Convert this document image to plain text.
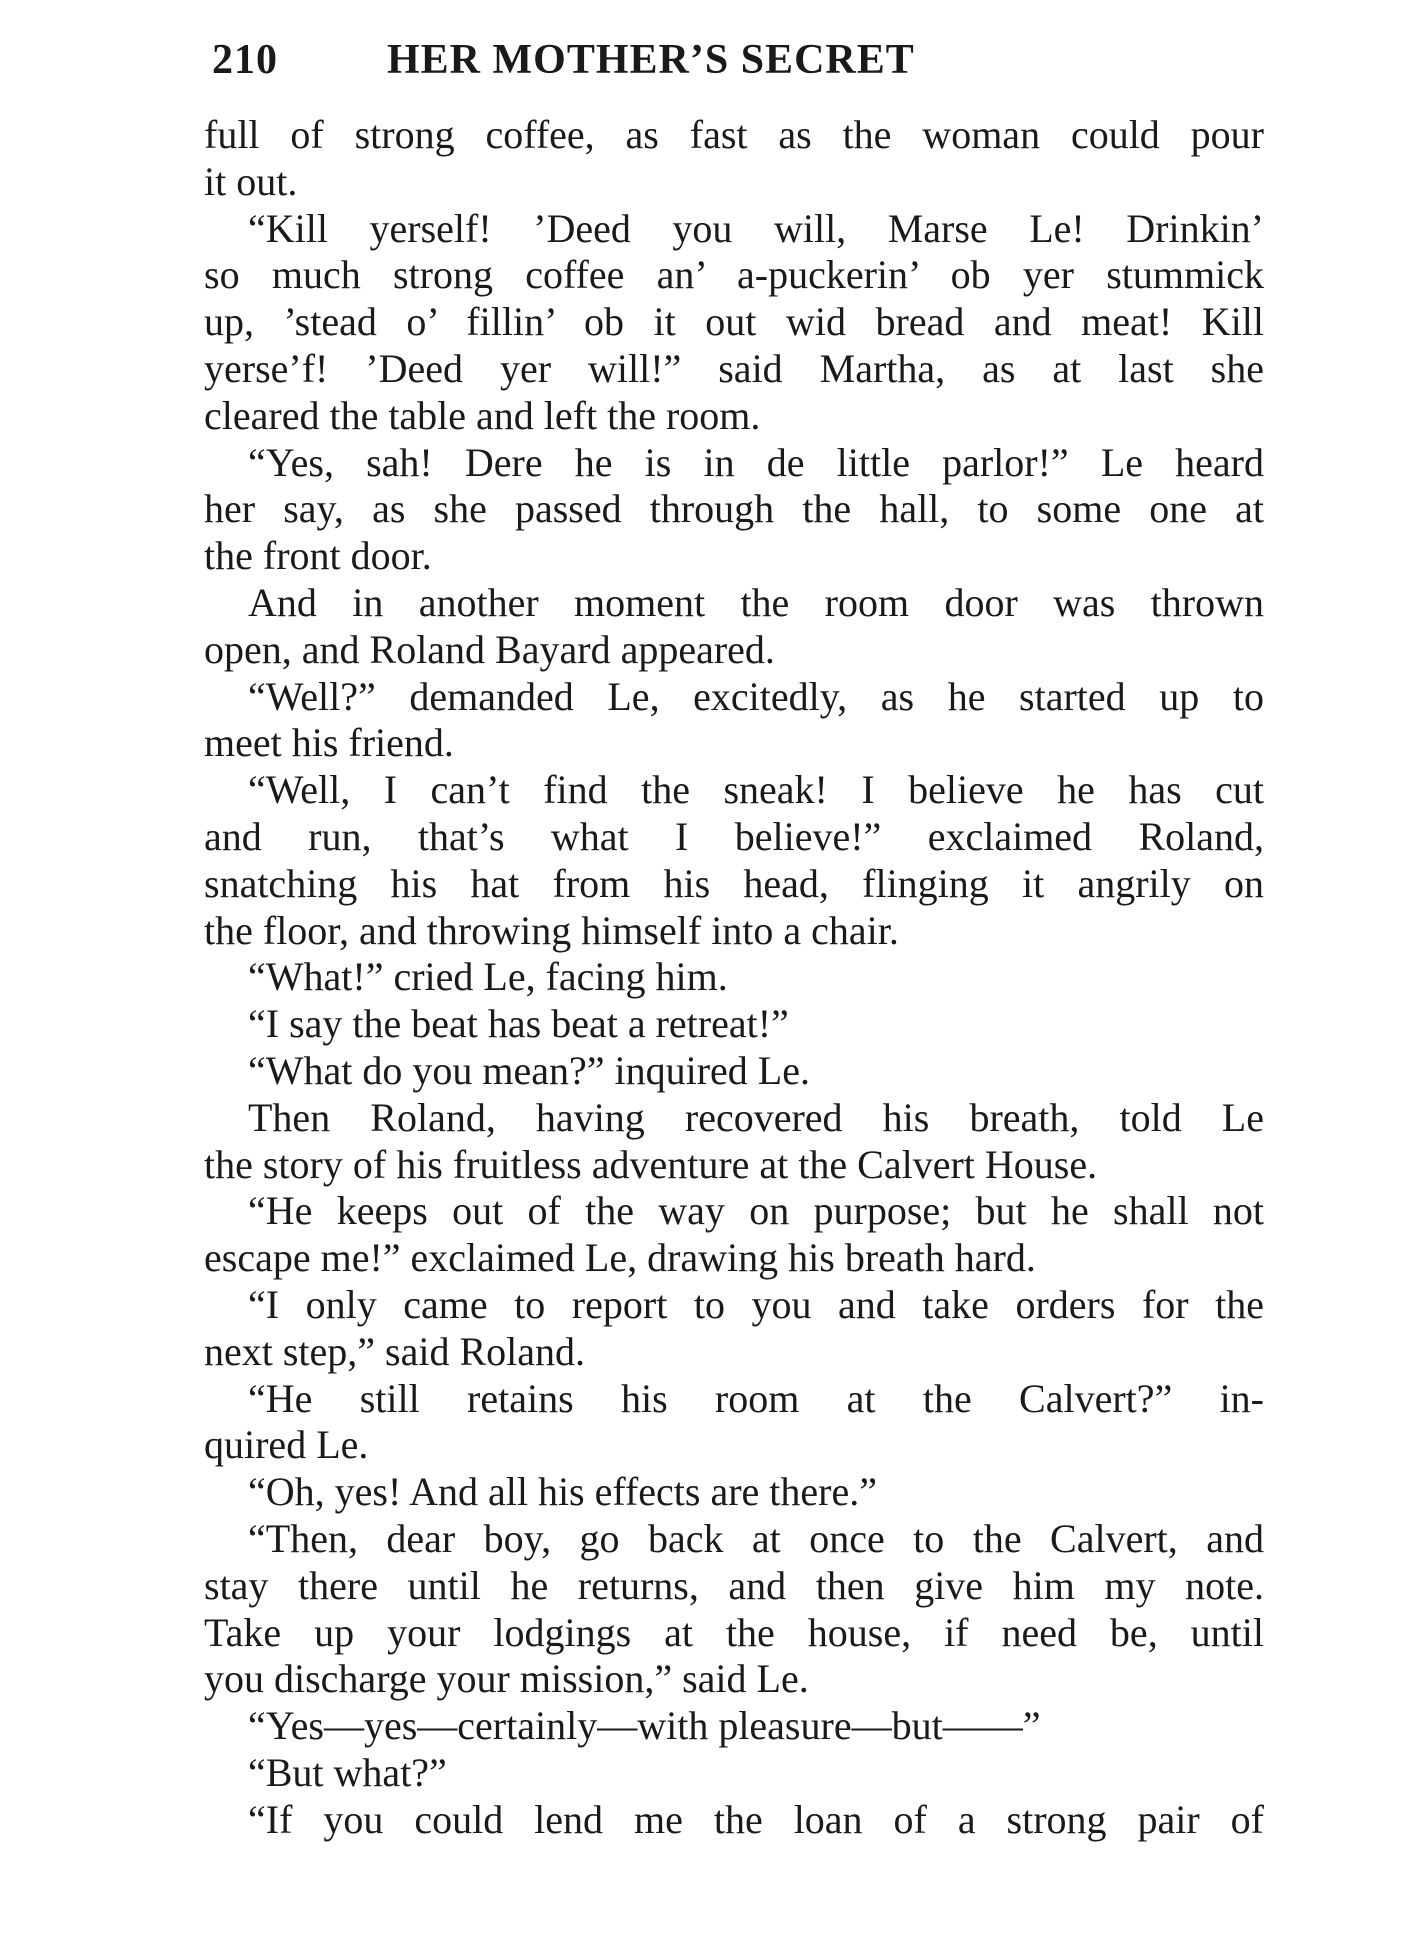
210	HER MOTHER’S SECRET
full of strong coffee, as fast as the woman could pour
it out.
“Kill yerself! ’Deed you will, Marse Le! Drinkin’
so much strong coffee an’ a-puckerin’ ob yer stummick
up, ’stead o’ fillin’ ob it out wid bread and meat! Kill
yerse’f! ’Deed yer will!” said Martha, as at last she
cleared the table and left the room.
“Yes, sah! Dere he is in de little parlor!” Le heard
her say, as she passed through the hall, to some one at
the front door.
And in another moment the room door was thrown
open, and Roland Bayard appeared.
“Well?” demanded Le, excitedly, as he started up to
meet his friend.
“Well, I can’t find the sneak! I believe he has cut
and run, that’s what I believe!” exclaimed Roland,
snatching his hat from his head, flinging it angrily on
the floor, and throwing himself into a chair.
“What!” cried Le, facing him.
“I say the beat has beat a retreat!”
“What do you mean?” inquired Le.
Then Roland, having recovered his breath, told Le
the story of his fruitless adventure at the Calvert House.
“He keeps out of the way on purpose; but he shall not
escape me!” exclaimed Le, drawing his breath hard.
“I only came to report to you and take orders for the
next step,” said Roland.
“He still retains his room at the Calvert?” in-
quired Le.
“Oh, yes! And all his effects are there.”
“Then, dear boy, go back at once to the Calvert, and
stay there until he returns, and then give him my note.
Take up your lodgings at the house, if need be, until
you discharge your mission,” said Le.
“Yes—yes—certainly—with pleasure—but——”
“But what?”
“If you could lend me the loan of a strong pair of
